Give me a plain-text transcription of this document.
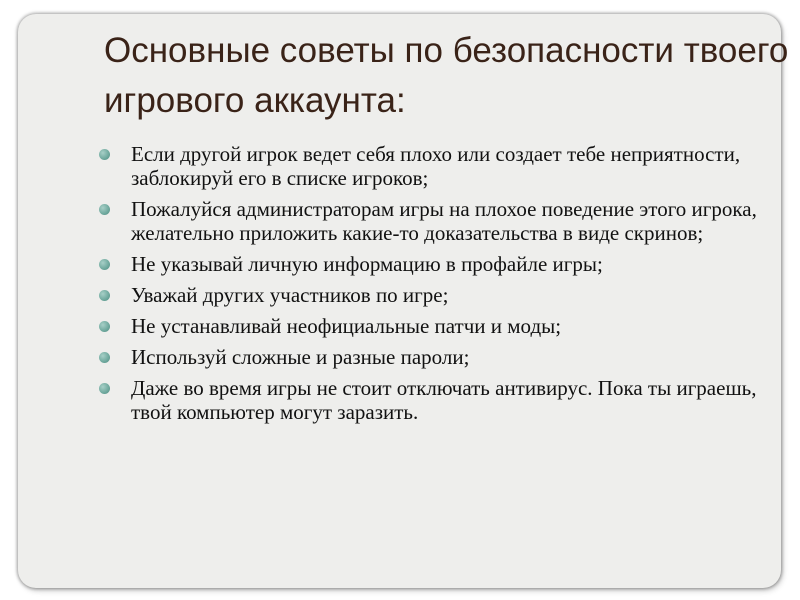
Основные советы по безопасности твоего игрового аккаунта:
Если другой игрок ведет себя плохо или создает тебе неприятности, заблокируй его в списке игроков;
Пожалуйся администраторам игры на плохое поведение этого игрока, желательно приложить какие-то доказательства в виде скринов;
Не указывай личную информацию в профайле игры;
Уважай других участников по игре;
Не устанавливай неофициальные патчи и моды;
Используй сложные и разные пароли;
Даже во время игры не стоит отключать антивирус. Пока ты играешь, твой компьютер могут заразить.
